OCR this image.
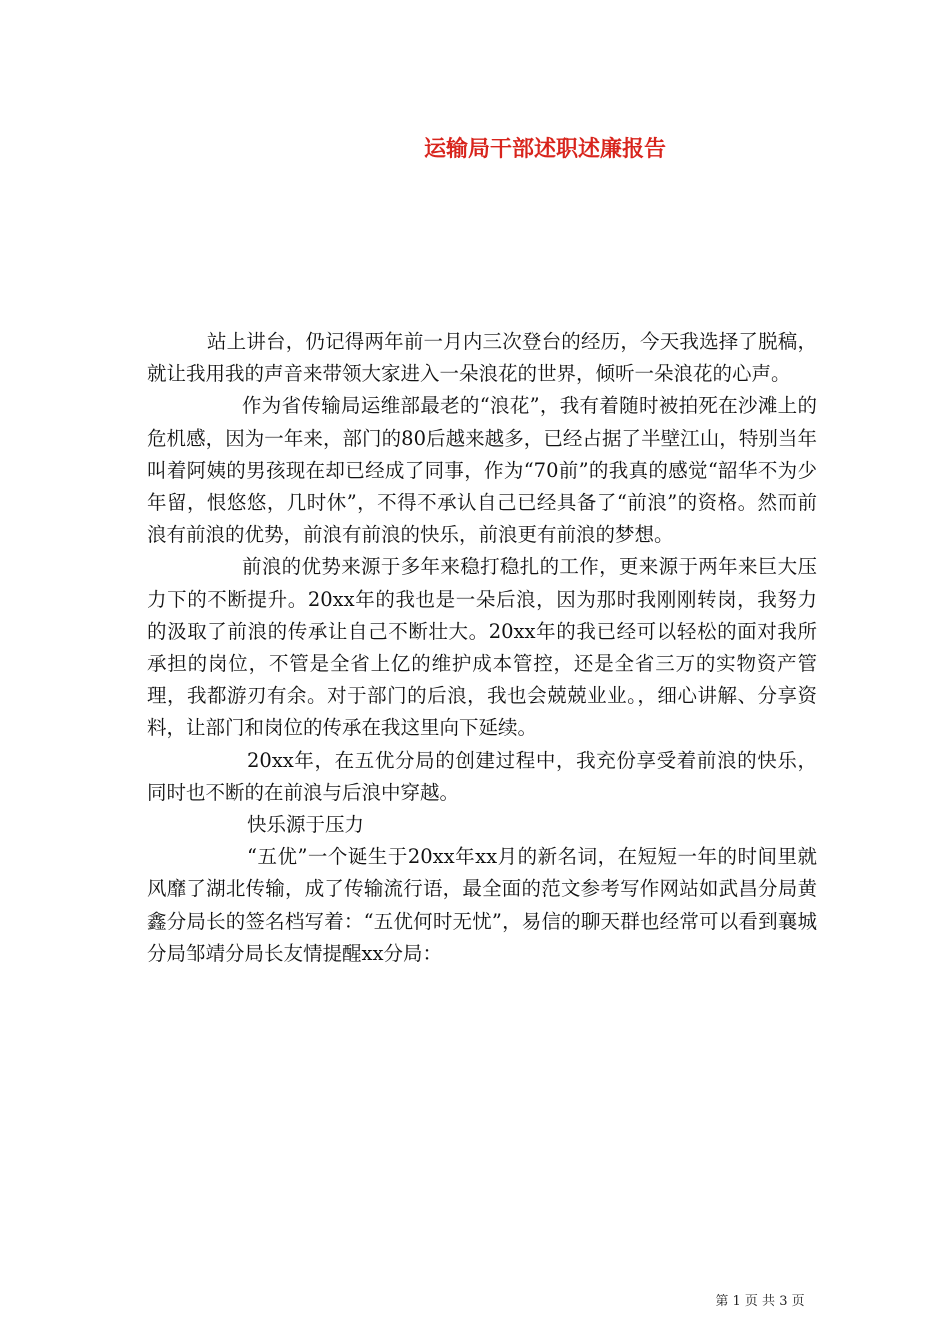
运输局干部述职述廉报告

站上讲台，仍记得两年前一月内三次登台的经历，今天我选择了脱稿，就让我用我的声音来带领大家进入一朵浪花的世界，倾听一朵浪花的心声。

作为省传输局运维部最老的“浪花”，我有着随时被拍死在沙滩上的危机感，因为一年来，部门的80后越来越多，已经占据了半壁江山，特别当年叫着阿姨的男孩现在却已经成了同事，作为“70前”的我真的感觉“韶华不为少年留，恨悠悠，几时休”，不得不承认自己已经具备了“前浪”的资格。然而前浪有前浪的优势，前浪有前浪的快乐，前浪更有前浪的梦想。

前浪的优势来源于多年来稳打稳扎的工作，更来源于两年来巨大压力下的不断提升。20xx年的我也是一朵后浪，因为那时我刚刚转岗，我努力的汲取了前浪的传承让自己不断壮大。20xx年的我已经可以轻松的面对我所承担的岗位，不管是全省上亿的维护成本管控，还是全省三万的实物资产管理，我都游刃有余。对于部门的后浪，我也会兢兢业业。，细心讲解、分享资料，让部门和岗位的传承在我这里向下延续。

20xx年，在五优分局的创建过程中，我充份享受着前浪的快乐，同时也不断的在前浪与后浪中穿越。

快乐源于压力

“五优”一个诞生于20xx年xx月的新名词，在短短一年的时间里就风靡了湖北传输，成了传输流行语，最全面的范文参考写作网站如武昌分局黄鑫分局长的签名档写着：“五优何时无忧”，易信的聊天群也经常可以看到襄城分局邹靖分局长友情提醒xx分局：

第 1 页 共 3 页
